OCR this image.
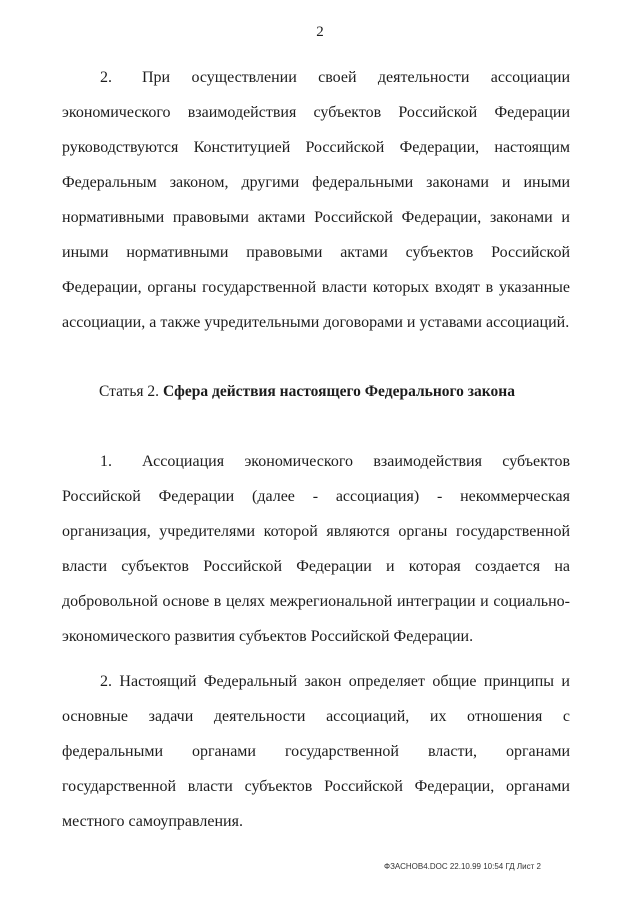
2

2. При осуществлении своей деятельности ассоциации экономического взаимодействия субъектов Российской Федерации руководствуются Конституцией Российской Федерации, настоящим Федеральным законом, другими федеральными законами и иными нормативными правовыми актами Российской Федерации, законами и иными нормативными правовыми актами субъектов Российской Федерации, органы государственной власти которых входят в указанные ассоциации, а также учредительными договорами и уставами ассоциаций.

Статья 2. Сфера действия настоящего Федерального закона

1. Ассоциация экономического взаимодействия субъектов Российской Федерации (далее - ассоциация) - некоммерческая организация, учредителями которой являются органы государственной власти субъектов Российской Федерации и которая создается на добровольной основе в целях межрегиональной интеграции и социально-экономического развития субъектов Российской Федерации.

2. Настоящий Федеральный закон определяет общие принципы и основные задачи деятельности ассоциаций, их отношения с федеральными органами государственной власти, органами государственной власти субъектов Российской Федерации, органами местного самоуправления.

ФЗАСНОВ4.DOC 22.10.99 10:54 ГД Лист 2
